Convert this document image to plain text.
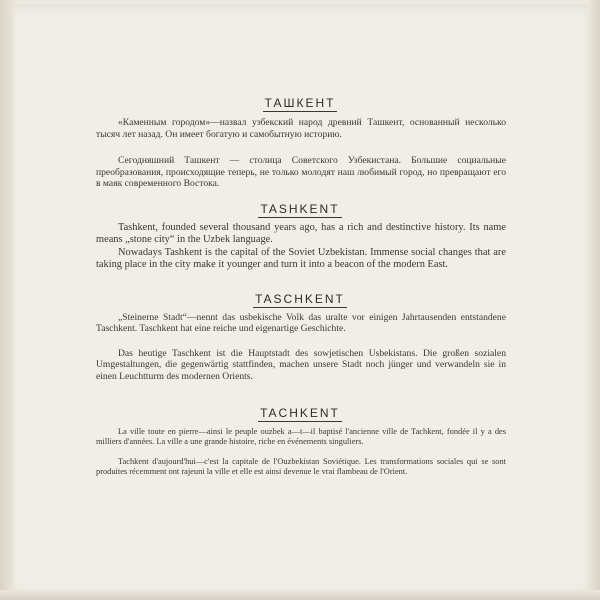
ТАШКЕНТ

«Каменным городом»—назвал узбекский народ древний Ташкент, основанный несколько тысяч лет назад. Он имеет богатую и самобытную историю.

Сегодняшний Ташкент — столица Советского Узбекистана. Большие социальные преобразования, происходящие теперь, не только молодят наш любимый город, но превращают его в маяк современного Востока.

TASHKENT

Tashkent, founded several thousand years ago, has a rich and destinctive history. Its name means „stone city“ in the Uzbek language.

Nowadays Tashkent is the capital of the Soviet Uzbekistan. Immense social changes that are taking place in the city make it younger and turn it into a beacon of the modern East.

TASCHKENT

„Steinerne Stadt“—nennt das usbekische Volk das uralte vor einigen Jahrtausenden entstandene Taschkent. Taschkent hat eine reiche und eigenartige Geschichte.

Das heutige Taschkent ist die Hauptstadt des sowjetischen Usbekistans. Die großen sozialen Umgestaltungen, die gegenwärtig stattfinden, machen unsere Stadt noch jünger und verwandeln sie in einen Leuchtturm des modernen Orients.

TACHKENT

La ville toute en pierre—ainsi le peuple ouzbek a—t—il baptisé l'ancienne ville de Tachkent, fondée il y a des milliers d'années. La ville a une grande histoire, riche en événements singuliers.

Tachkent d'aujourd'hui—c'est la capitale de l'Ouzbekistan Soviétique. Les transformations sociales qui se sont produites récemment ont rajeuni la ville et elle est ainsi devenue le vrai flambeau de l'Orient.
